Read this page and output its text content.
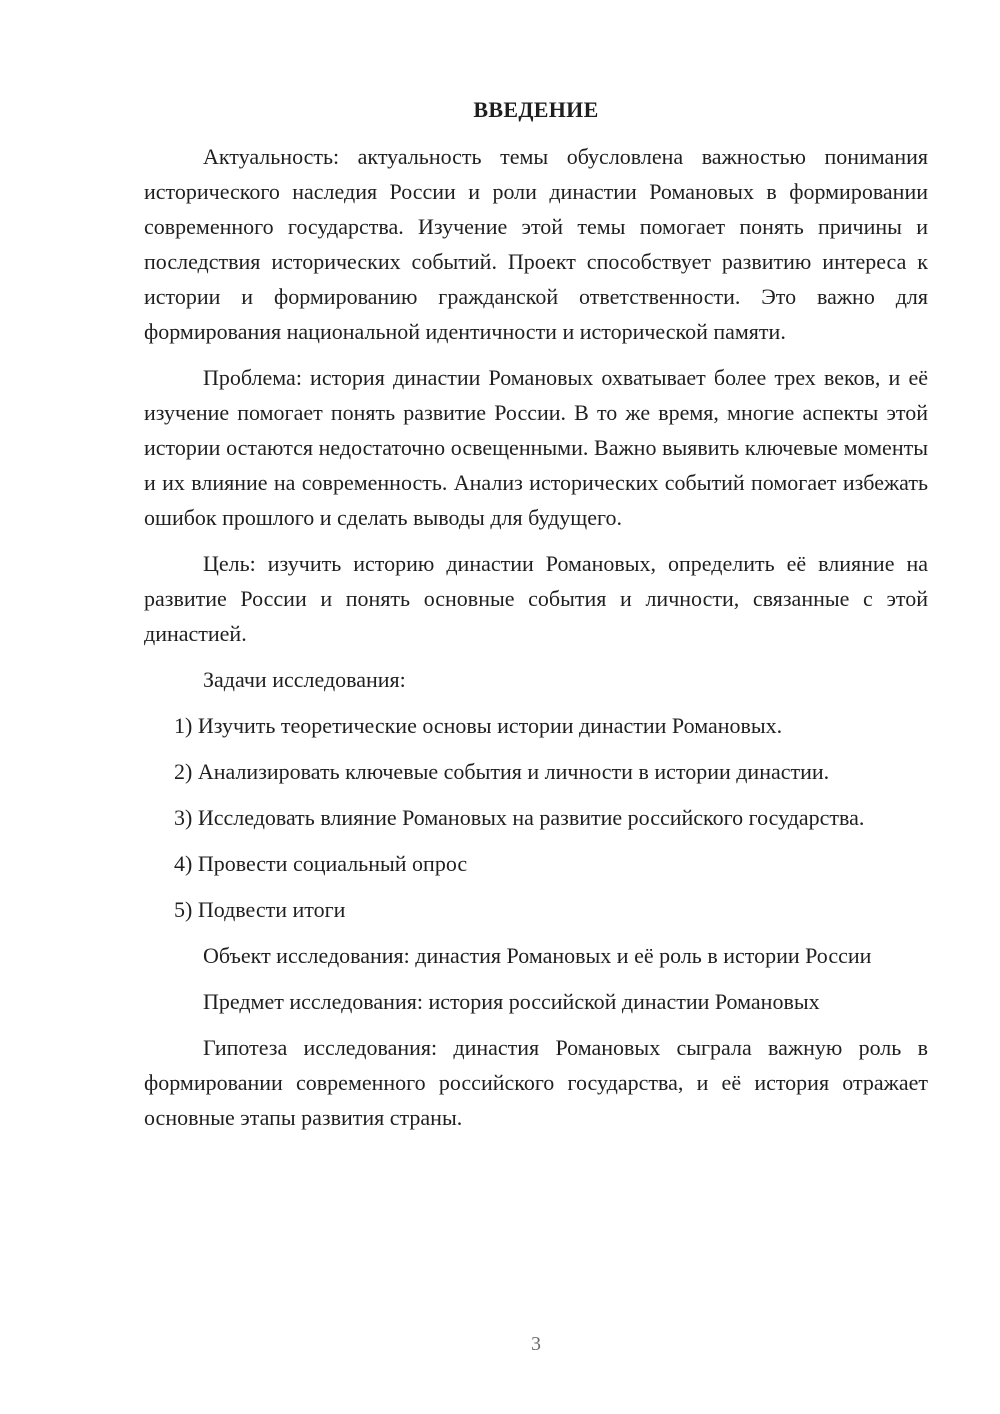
ВВЕДЕНИЕ

Актуальность: актуальность темы обусловлена важностью понимания исторического наследия России и роли династии Романовых в формировании современного государства. Изучение этой темы помогает понять причины и последствия исторических событий. Проект способствует развитию интереса к истории и формированию гражданской ответственности. Это важно для формирования национальной идентичности и исторической памяти.

Проблема: история династии Романовых охватывает более трех веков, и её изучение помогает понять развитие России. В то же время, многие аспекты этой истории остаются недостаточно освещенными. Важно выявить ключевые моменты и их влияние на современность. Анализ исторических событий помогает избежать ошибок прошлого и сделать выводы для будущего.

Цель: изучить историю династии Романовых, определить её влияние на развитие России и понять основные события и личности, связанные с этой династией.

Задачи исследования:

1) Изучить теоретические основы истории династии Романовых.

2) Анализировать ключевые события и личности в истории династии.

3) Исследовать влияние Романовых на развитие российского государства.

4) Провести социальный опрос

5) Подвести итоги

Объект исследования: династия Романовых и её роль в истории России

Предмет исследования: история российской династии Романовых

Гипотеза исследования: династия Романовых сыграла важную роль в формировании современного российского государства, и её история отражает основные этапы развития страны.

3
